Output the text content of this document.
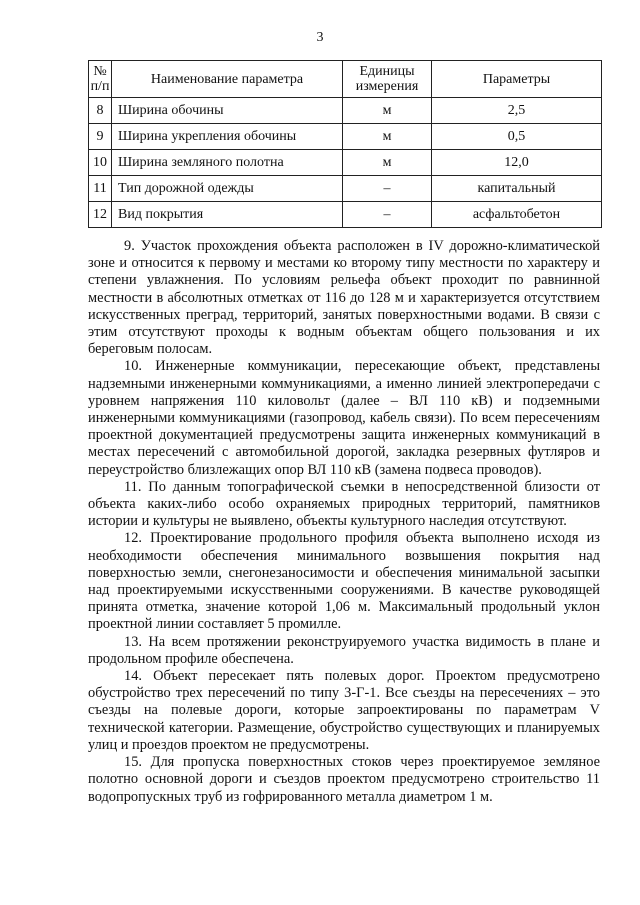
3
№ п/п	Наименование параметра	Единицы измерения	Параметры
8	Ширина обочины	м	2,5
9	Ширина укрепления обочины	м	0,5
10	Ширина земляного полотна	м	12,0
11	Тип дорожной одежды	–	капитальный
12	Вид покрытия	–	асфальтобетон

9. Участок прохождения объекта расположен в IV дорожно-климатической зоне и относится к первому и местами ко второму типу местности по характеру и степени увлажнения. По условиям рельефа объект проходит по равнинной местности в абсолютных отметках от 116 до 128 м и характеризуется отсутствием искусственных преград, территорий, занятых поверхностными водами. В связи с этим отсутствуют проходы к водным объектам общего пользования и их береговым полосам.

10. Инженерные коммуникации, пересекающие объект, представлены надземными инженерными коммуникациями, а именно линией электропередачи с уровнем напряжения 110 киловольт (далее – ВЛ 110 кВ) и подземными инженерными коммуникациями (газопровод, кабель связи). По всем пересечениям проектной документацией предусмотрены защита инженерных коммуникаций в местах пересечений с автомобильной дорогой, закладка резервных футляров и переустройство близлежащих опор ВЛ 110 кВ (замена подвеса проводов).

11. По данным топографической съемки в непосредственной близости от объекта каких-либо особо охраняемых природных территорий, памятников истории и культуры не выявлено, объекты культурного наследия отсутствуют.

12. Проектирование продольного профиля объекта выполнено исходя из необходимости обеспечения минимального возвышения покрытия над поверхностью земли, снегонезаносимости и обеспечения минимальной засыпки над проектируемыми искусственными сооружениями. В качестве руководящей принята отметка, значение которой 1,06 м. Максимальный продольный уклон проектной линии составляет 5 промилле.

13. На всем протяжении реконструируемого участка видимость в плане и продольном профиле обеспечена.

14. Объект пересекает пять полевых дорог. Проектом предусмотрено обустройство трех пересечений по типу 3-Г-1. Все съезды на пересечениях – это съезды на полевые дороги, которые запроектированы по параметрам V технической категории. Размещение, обустройство существующих и планируемых улиц и проездов проектом не предусмотрены.

15. Для пропуска поверхностных стоков через проектируемое земляное полотно основной дороги и съездов проектом предусмотрено строительство 11 водопропускных труб из гофрированного металла диаметром 1 м.
